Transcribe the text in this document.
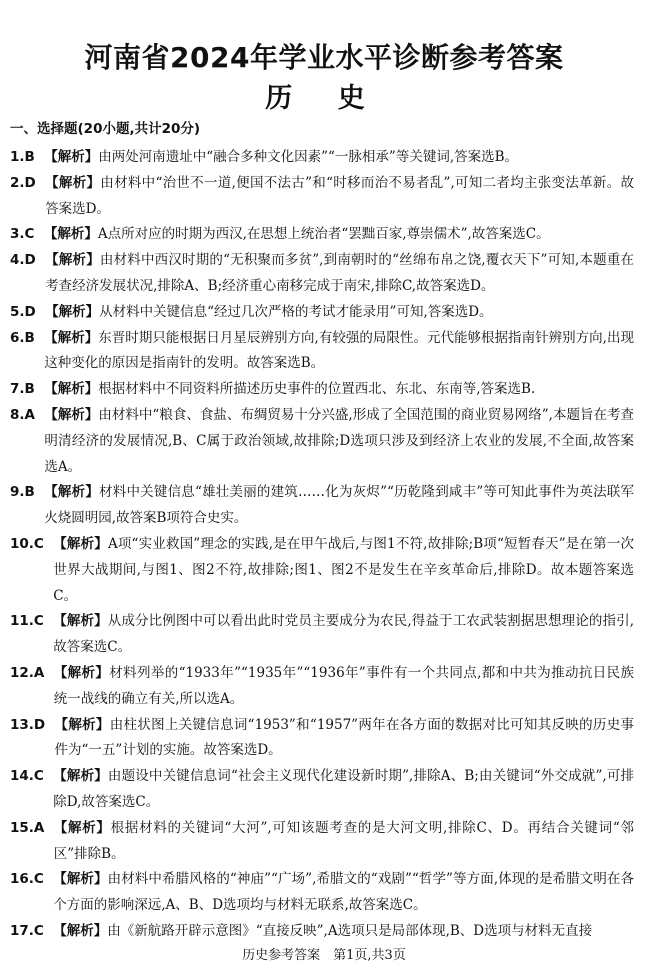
河南省2024年学业水平诊断参考答案
历 史
一、选择题(20小题,共计20分)
1.B 【解析】由两处河南遗址中“融合多种文化因素”“一脉相承”等关键词,答案选B。
2.D 【解析】由材料中“治世不一道,便国不法古”和“时移而治不易者乱”,可知二者均主张变法革新。故答案选D。
3.C 【解析】A点所对应的时期为西汉,在思想上统治者“罢黜百家,尊崇儒术”,故答案选C。
4.D 【解析】由材料中西汉时期的“无积聚而多贫”,到南朝时的“丝绵布帛之饶,覆衣天下”可知,本题重在考查经济发展状况,排除A、B;经济重心南移完成于南宋,排除C,故答案选D。
5.D 【解析】从材料中关键信息“经过几次严格的考试才能录用”可知,答案选D。
6.B 【解析】东晋时期只能根据日月星辰辨别方向,有较强的局限性。元代能够根据指南针辨别方向,出现这种变化的原因是指南针的发明。故答案选B。
7.B 【解析】根据材料中不同资料所描述历史事件的位置西北、东北、东南等,答案选B.
8.A 【解析】由材料中“粮食、食盐、布绸贸易十分兴盛,形成了全国范围的商业贸易网络”,本题旨在考查明清经济的发展情况,B、C属于政治领域,故排除;D选项只涉及到经济上农业的发展,不全面,故答案选A。
9.B 【解析】材料中关键信息“雄壮美丽的建筑……化为灰烬”“历乾隆到咸丰”等可知此事件为英法联军火烧圆明园,故答案B项符合史实。
10.C 【解析】A项“实业救国”理念的实践,是在甲午战后,与图1不符,故排除;B项“短暂春天”是在第一次世界大战期间,与图1、图2不符,故排除;图1、图2不是发生在辛亥革命后,排除D。故本题答案选C。
11.C 【解析】从成分比例图中可以看出此时党员主要成分为农民,得益于工农武装割据思想理论的指引,故答案选C。
12.A 【解析】材料列举的“1933年”“1935年”“1936年”事件有一个共同点,都和中共为推动抗日民族统一战线的确立有关,所以选A。
13.D 【解析】由柱状图上关键信息词“1953”和“1957”两年在各方面的数据对比可知其反映的历史事件为“一五”计划的实施。故答案选D。
14.C 【解析】由题设中关键信息词“社会主义现代化建设新时期”,排除A、B;由关键词“外交成就”,可排除D,故答案选C。
15.A 【解析】根据材料的关键词“大河”,可知该题考查的是大河文明,排除C、D。再结合关键词“邻区”排除B。
16.C 【解析】由材料中希腊风格的“神庙”“广场”,希腊文的“戏剧”“哲学”等方面,体现的是希腊文明在各个方面的影响深远,A、B、D选项均与材料无联系,故答案选C。
17.C 【解析】由《新航路开辟示意图》“直接反映”,A选项只是局部体现,B、D选项与材料无直接
历史参考答案　第1页,共3页
